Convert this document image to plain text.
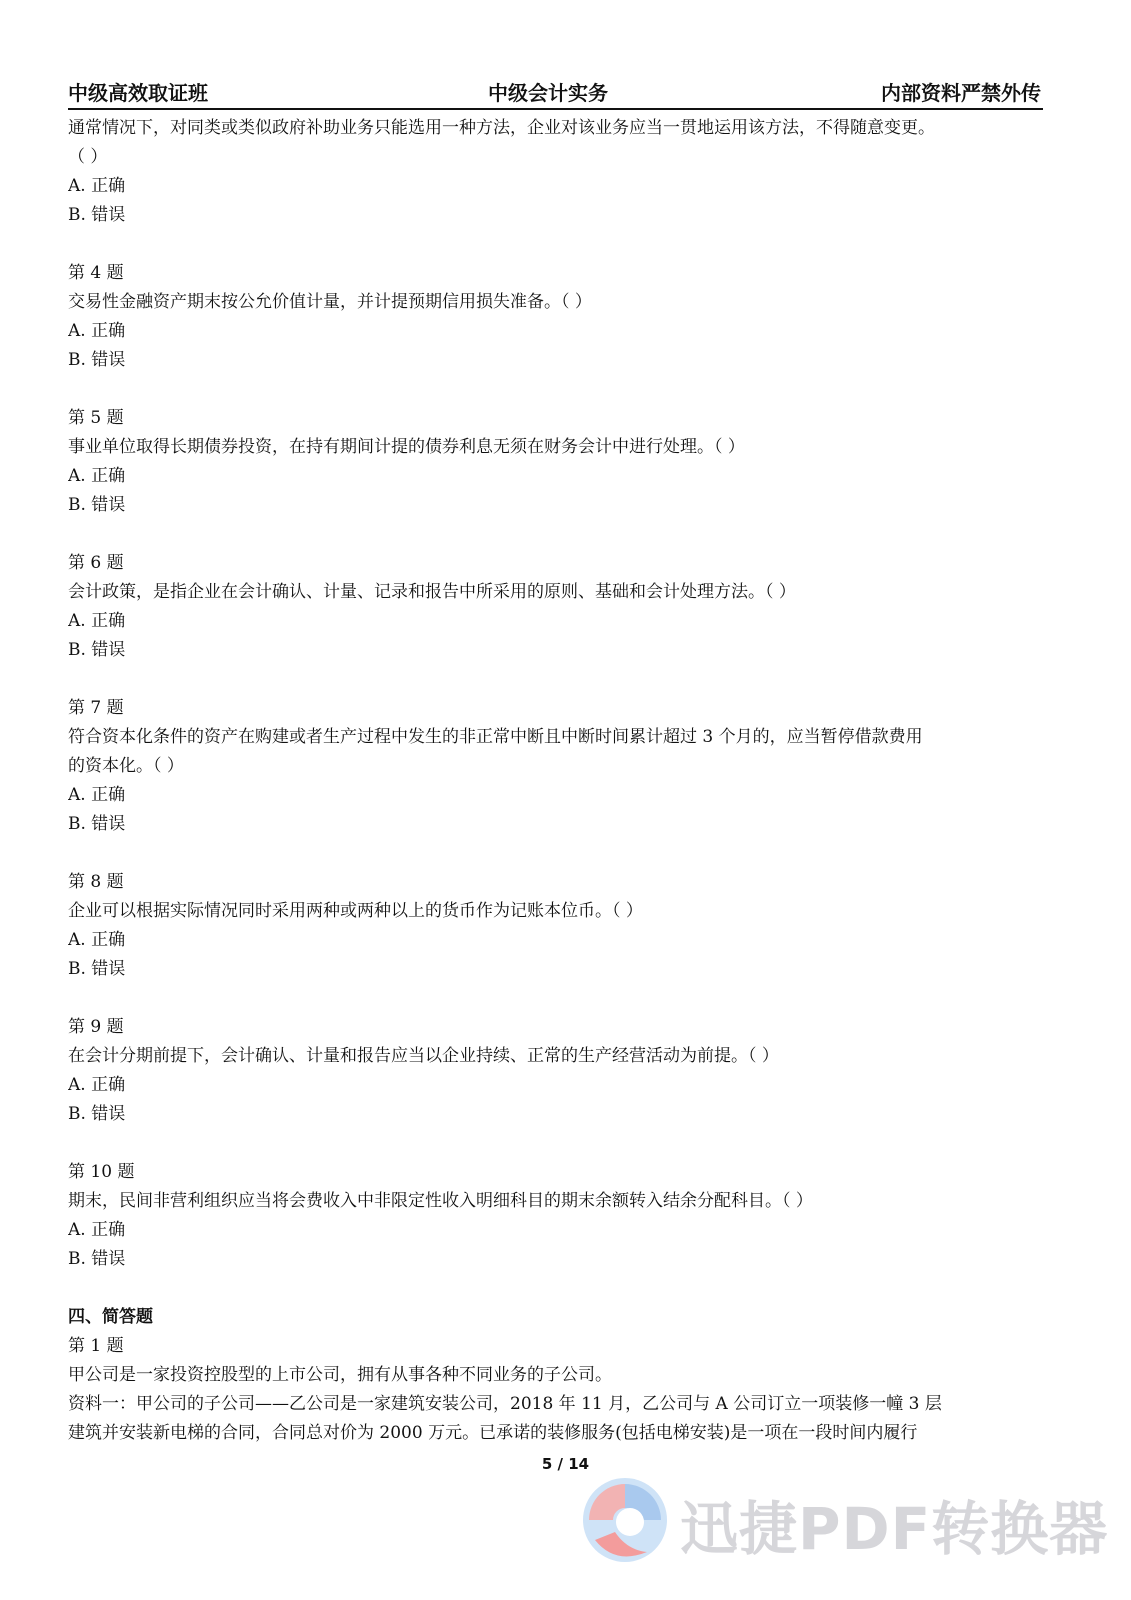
中级高效取证班	中级会计实务	内部资料严禁外传
通常情况下，对同类或类似政府补助业务只能选用一种方法，企业对该业务应当一贯地运用该方法，不得随意变更。
（ ）
A. 正确
B. 错误
第 4 题
交易性金融资产期末按公允价值计量，并计提预期信用损失准备。（ ）
A. 正确
B. 错误
第 5 题
事业单位取得长期债券投资，在持有期间计提的债券利息无须在财务会计中进行处理。（ ）
A. 正确
B. 错误
第 6 题
会计政策，是指企业在会计确认、计量、记录和报告中所采用的原则、基础和会计处理方法。（ ）
A. 正确
B. 错误
第 7 题
符合资本化条件的资产在购建或者生产过程中发生的非正常中断且中断时间累计超过 3 个月的，应当暂停借款费用
的资本化。（ ）
A. 正确
B. 错误
第 8 题
企业可以根据实际情况同时采用两种或两种以上的货币作为记账本位币。（ ）
A. 正确
B. 错误
第 9 题
在会计分期前提下，会计确认、计量和报告应当以企业持续、正常的生产经营活动为前提。（ ）
A. 正确
B. 错误
第 10 题
期末，民间非营利组织应当将会费收入中非限定性收入明细科目的期末余额转入结余分配科目。（ ）
A. 正确
B. 错误
四、简答题
第 1 题
甲公司是一家投资控股型的上市公司，拥有从事各种不同业务的子公司。
资料一：甲公司的子公司——乙公司是一家建筑安装公司，2018 年 11 月，乙公司与 A 公司订立一项装修一幢 3 层
建筑并安装新电梯的合同，合同总对价为 2000 万元。已承诺的装修服务(包括电梯安装)是一项在一段时间内履行
5 / 14
迅捷PDF转换器
